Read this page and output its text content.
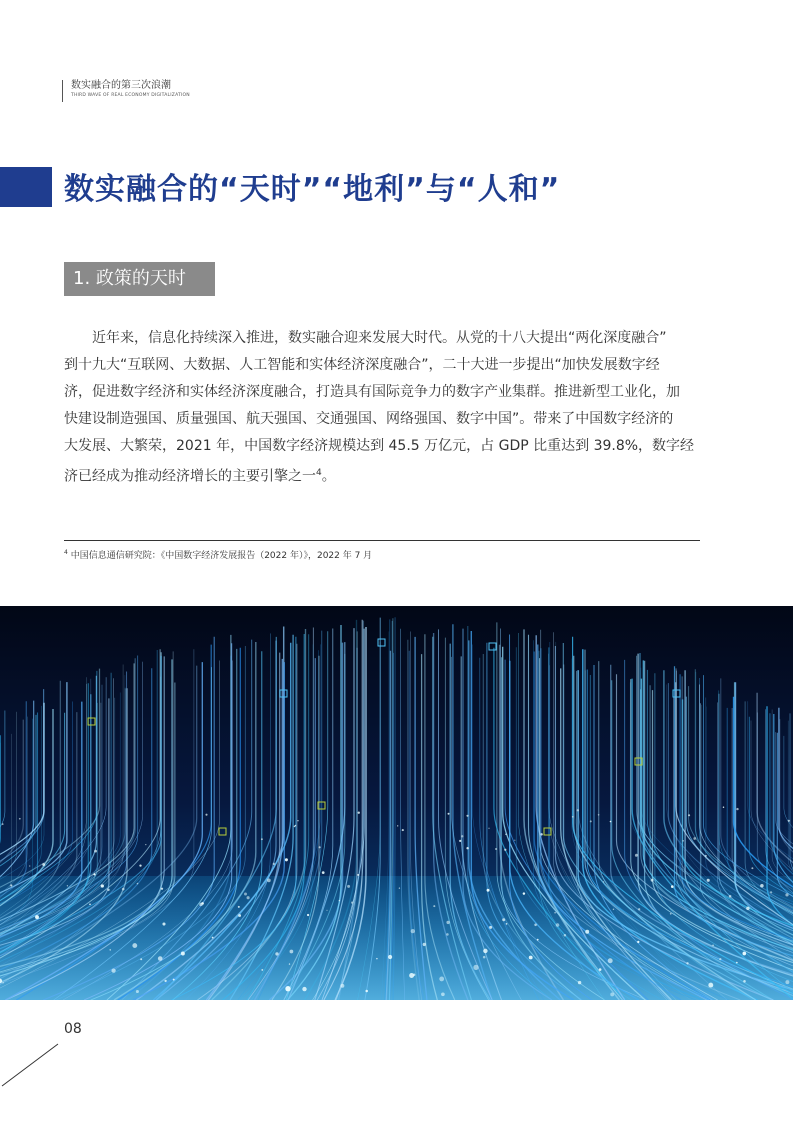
数实融合的第三次浪潮
THIRD WAVE OF REAL ECONOMY DIGITALIZATION
数实融合的“天时”“地利”与“人和”
1. 政策的天时
近年来，信息化持续深入推进，数实融合迎来发展大时代。从党的十八大提出“两化深度融合”
到十九大“互联网、大数据、人工智能和实体经济深度融合”，二十大进一步提出“加快发展数字经
济，促进数字经济和实体经济深度融合，打造具有国际竞争力的数字产业集群。推进新型工业化，加
快建设制造强国、质量强国、航天强国、交通强国、网络强国、数字中国”。带来了中国数字经济的
大发展、大繁荣，2021 年，中国数字经济规模达到 45.5 万亿元，占 GDP 比重达到 39.8%，数字经
济已经成为推动经济增长的主要引擎之一$^4$。
$^4$ 中国信息通信研究院：《中国数字经济发展报告（2022 年）》，2022 年 7 月
08
